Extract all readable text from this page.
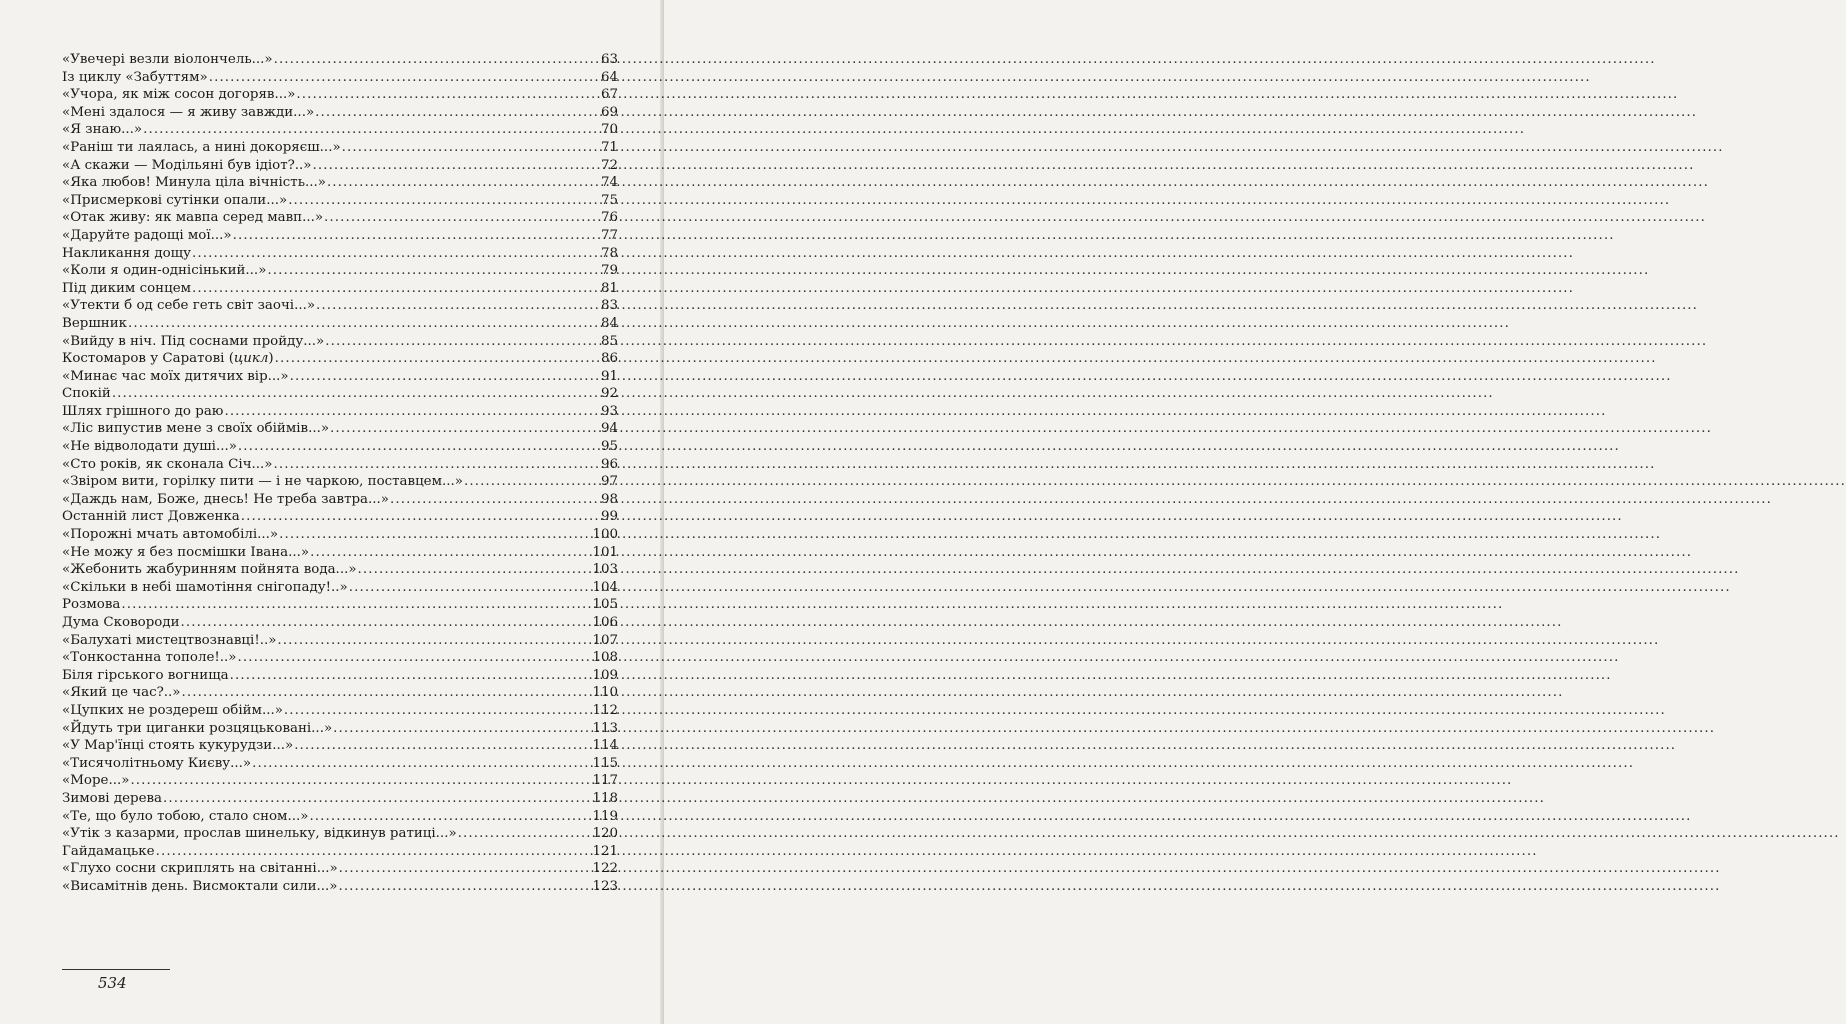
«Увечері везли віолончель...» .....	63
Із циклу «Забуттям» .....	64
«Учора, як між сосон догоряв...» .....	67
«Мені здалося — я живу завжди...» .....	69
«Я знаю...» .....	70
«Раніш ти лаялась, а нині докоряєш...» .....	71
«А скажи — Модільяні був ідіот?..» .....	72
«Яка любов! Минула ціла вічність...» .....	74
«Присмеркові сутінки опали...» .....	75
«Отак живу: як мавпа серед мавп...» .....	76
«Даруйте радощі мої...» .....	77
Накликання дощу .....	78
«Коли я один-однісінький...» .....	79
Під диким сонцем .....	81
«Утекти б од себе геть світ заочі...» .....	83
Вершник .....	84
«Вийду в ніч. Під соснами пройду...» .....	85
Костомаров у Саратові (цикл) .....	86
«Минає час моїх дитячих вір...» .....	91
Спокій .....	92
Шлях грішного до раю .....	93
«Ліс випустив мене з своїх обіймів...» .....	94
«Не відволодати душі...» .....	95
«Сто років, як сконала Січ...» .....	96
«Звіром вити, горілку пити — і не чаркою, поставцем...» .....	97
«Даждь нам, Боже, днесь! Не треба завтра...» .....	98
Останній лист Довженка .....	99
«Порожні мчать автомобілі...» .....	100
«Не можу я без посмішки Івана...» .....	101
«Жебонить жабуринням пойнята вода...» .....	103
«Скільки в небі шамотіння снігопаду!..» .....	104
Розмова .....	105
Дума Сковороди .....	106
«Балухаті мистецтвознавці!..» .....	107
«Тонкостанна тополе!..» .....	108
Біля гірського вогнища .....	109
«Який це час?..» .....	110
«Цупких не роздереш обійм...» .....	112
«Йдуть три циганки розцяцьковані...» .....	113
«У Мар'їнці стоять кукурудзи...» .....	114
«Тисячолітньому Києву...» .....	115
«Море...» .....	117
Зимові дерева .....	118
«Те, що було тобою, стало сном...» .....	119
«Утік з казарми, прослав шинельку, відкинув ратиці...» .....	120
Гайдамацьке .....	121
«Глухо сосни скриплять на світанні...» .....	122
«Висамітнів день. Висмоктали сили...» .....	123
534
